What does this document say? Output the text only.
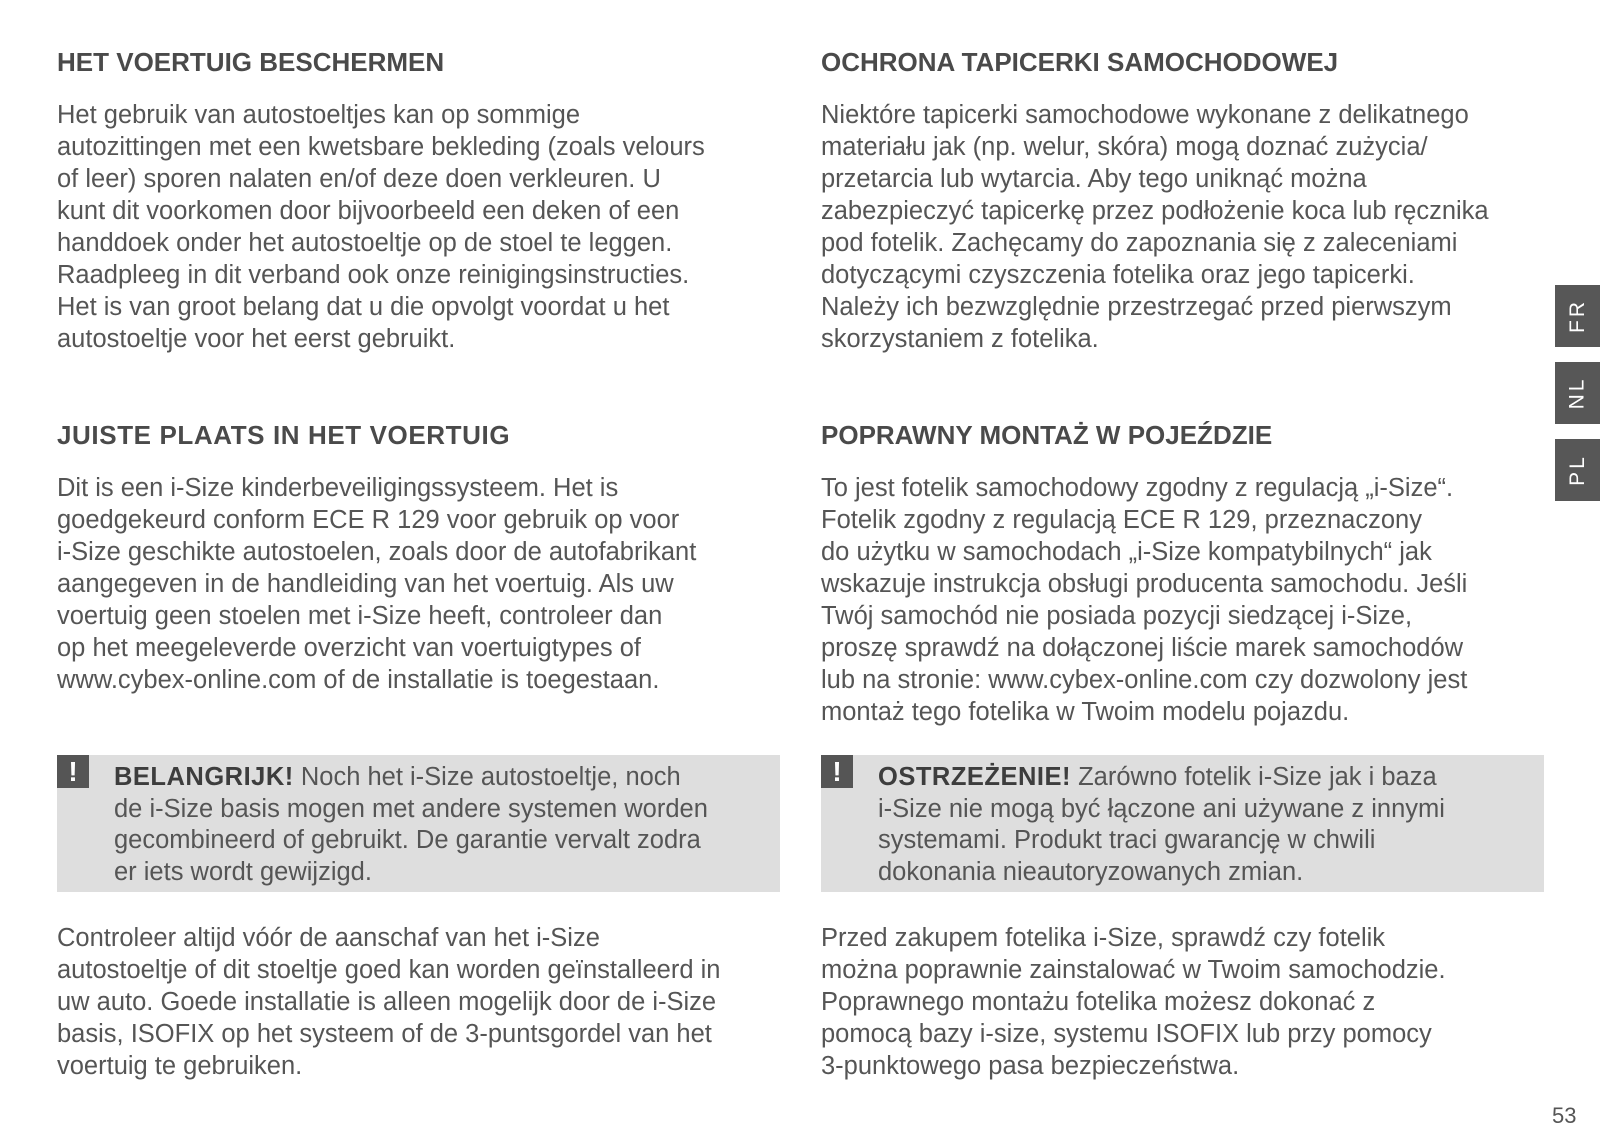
HET VOERTUIG BESCHERMEN

Het gebruik van autostoeltjes kan op sommige
autozittingen met een kwetsbare bekleding (zoals velours
of leer) sporen nalaten en/of deze doen verkleuren. U
kunt dit voorkomen door bijvoorbeeld een deken of een
handdoek onder het autostoeltje op de stoel te leggen.
Raadpleeg in dit verband ook onze reinigingsinstructies.
Het is van groot belang dat u die opvolgt voordat u het
autostoeltje voor het eerst gebruikt.

JUISTE PLAATS IN HET VOERTUIG

Dit is een i-Size kinderbeveiligingssysteem. Het is
goedgekeurd conform ECE R 129 voor gebruik op voor
i-Size geschikte autostoelen, zoals door de autofabrikant
aangegeven in de handleiding van het voertuig. Als uw
voertuig geen stoelen met i-Size heeft, controleer dan
op het meegeleverde overzicht van voertuigtypes of
www.cybex-online.com of de installatie is toegestaan.

!	BELANGRIJK! Noch het i-Size autostoeltje, noch
de i-Size basis mogen met andere systemen worden
gecombineerd of gebruikt. De garantie vervalt zodra
er iets wordt gewijzigd.

Controleer altijd vóór de aanschaf van het i-Size
autostoeltje of dit stoeltje goed kan worden geïnstalleerd in
uw auto. Goede installatie is alleen mogelijk door de i-Size
basis, ISOFIX op het systeem of de 3-puntsgordel van het
voertuig te gebruiken.

OCHRONA TAPICERKI SAMOCHODOWEJ

Niektóre tapicerki samochodowe wykonane z delikatnego
materiału jak (np. welur, skóra) mogą doznać zużycia/
przetarcia lub wytarcia. Aby tego uniknąć można
zabezpieczyć tapicerkę przez podłożenie koca lub ręcznika
pod fotelik. Zachęcamy do zapoznania się z zaleceniami
dotyczącymi czyszczenia fotelika oraz jego tapicerki.
Należy ich bezwzględnie przestrzegać przed pierwszym
skorzystaniem z fotelika.

POPRAWNY MONTAŻ W POJEŹDZIE

To jest fotelik samochodowy zgodny z regulacją „i-Size“.
Fotelik zgodny z regulacją ECE R 129, przeznaczony
do użytku w samochodach „i-Size kompatybilnych“ jak
wskazuje instrukcja obsługi producenta samochodu. Jeśli
Twój samochód nie posiada pozycji siedzącej i-Size,
proszę sprawdź na dołączonej liście marek samochodów
lub na stronie: www.cybex-online.com czy dozwolony jest
montaż tego fotelika w Twoim modelu pojazdu.

!	OSTRZEŻENIE! Zarówno fotelik i-Size jak i baza
i-Size nie mogą być łączone ani używane z innymi
systemami. Produkt traci gwarancję w chwili
dokonania nieautoryzowanych zmian.

Przed zakupem fotelika i-Size, sprawdź czy fotelik
można poprawnie zainstalować w Twoim samochodzie.
Poprawnego montażu fotelika możesz dokonać z
pomocą bazy i-size, systemu ISOFIX lub przy pomocy
3-punktowego pasa bezpieczeństwa.

FR
NL
PL
53
